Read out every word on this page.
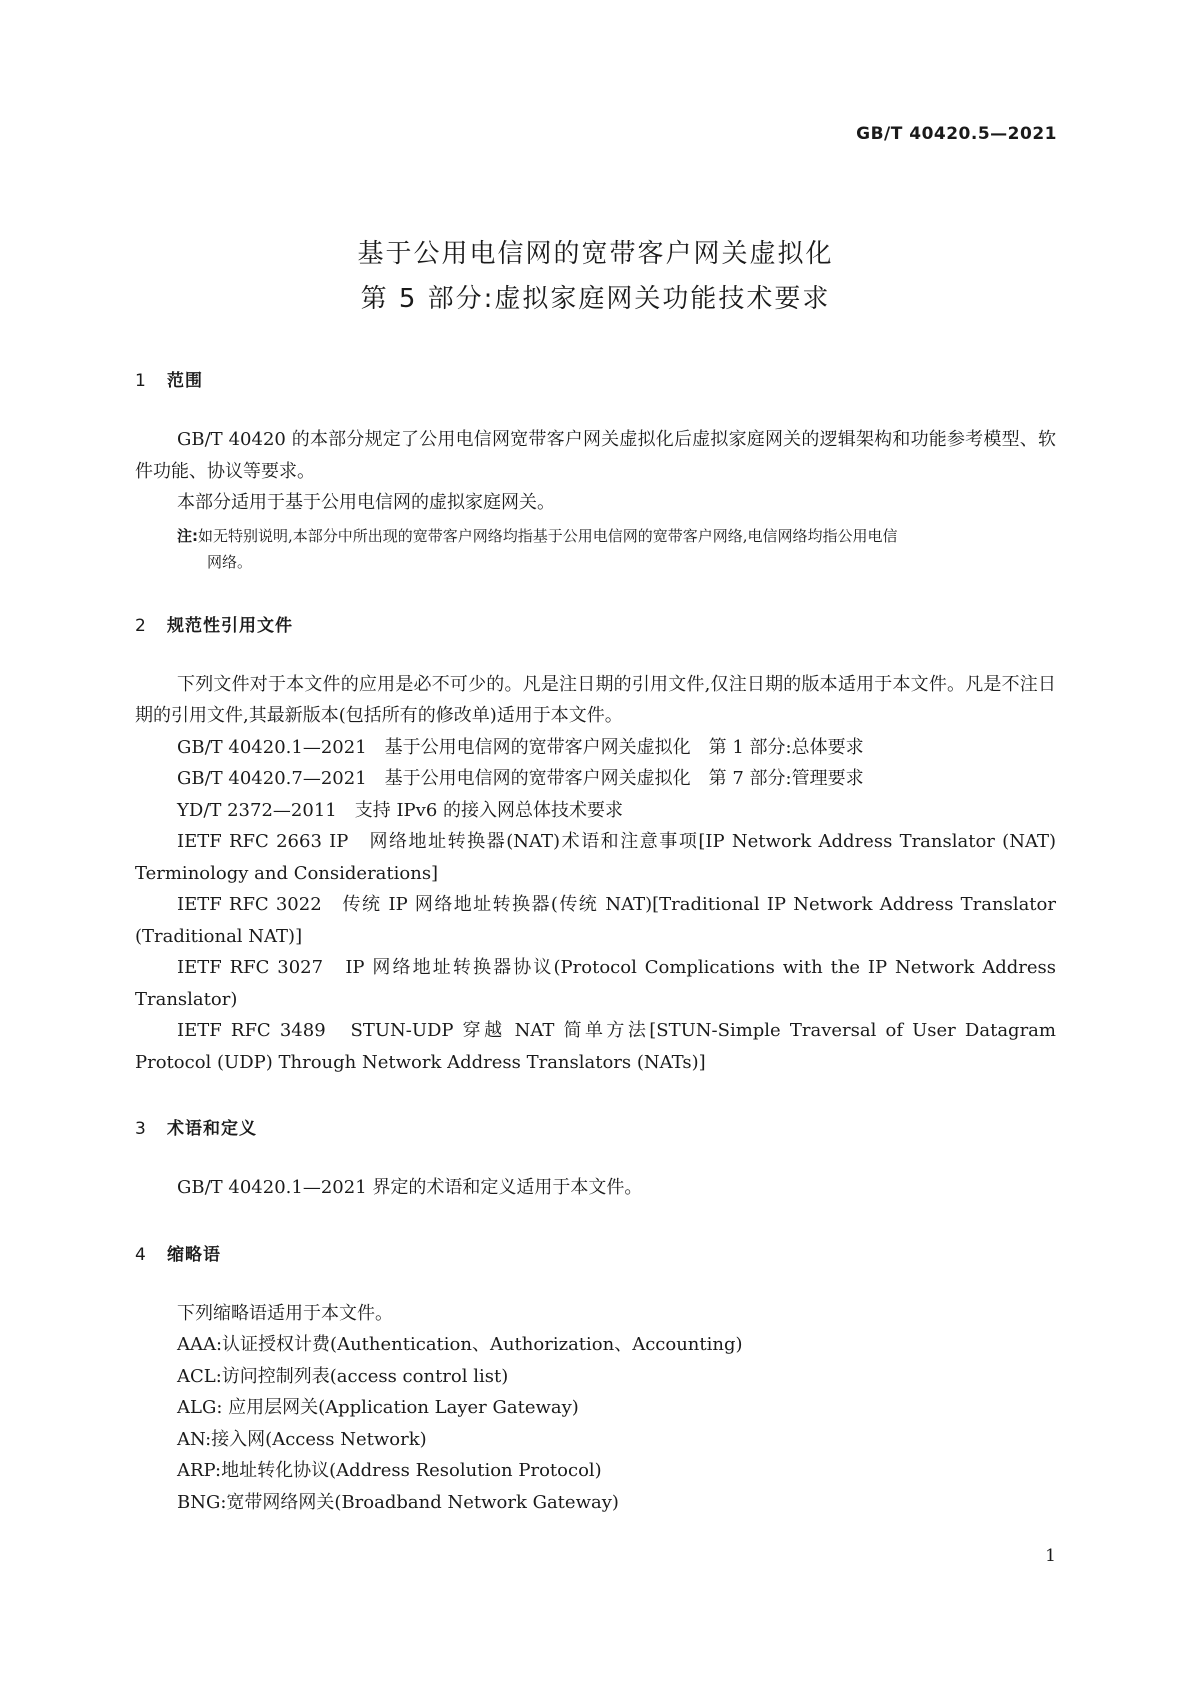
GB/T 40420.5—2021
基于公用电信网的宽带客户网关虚拟化
第 5 部分:虚拟家庭网关功能技术要求
1 范围

GB/T 40420 的本部分规定了公用电信网宽带客户网关虚拟化后虚拟家庭网关的逻辑架构和功能参考模型、软件功能、协议等要求。

本部分适用于基于公用电信网的虚拟家庭网关。

注:如无特别说明,本部分中所出现的宽带客户网络均指基于公用电信网的宽带客户网络,电信网络均指公用电信
网络。
2 规范性引用文件

下列文件对于本文件的应用是必不可少的。凡是注日期的引用文件,仅注日期的版本适用于本文件。凡是不注日期的引用文件,其最新版本(包括所有的修改单)适用于本文件。

GB/T 40420.1—2021　基于公用电信网的宽带客户网关虚拟化　第 1 部分:总体要求

GB/T 40420.7—2021　基于公用电信网的宽带客户网关虚拟化　第 7 部分:管理要求

YD/T 2372—2011　支持 IPv6 的接入网总体技术要求

IETF RFC 2663 IP　网络地址转换器(NAT)术语和注意事项[IP Network Address Translator (NAT) Terminology and Considerations]

IETF RFC 3022　传统 IP 网络地址转换器(传统 NAT)[Traditional IP Network Address Translator (Traditional NAT)]

IETF RFC 3027　IP 网络地址转换器协议(Protocol Complications with the IP Network Address Translator)

IETF RFC 3489　STUN-UDP 穿越 NAT 简单方法[STUN-Simple Traversal of User Datagram Protocol (UDP) Through Network Address Translators (NATs)]

3 术语和定义

GB/T 40420.1—2021 界定的术语和定义适用于本文件。

4 缩略语

下列缩略语适用于本文件。

AAA:认证授权计费(Authentication、Authorization、Accounting)

ACL:访问控制列表(access control list)

ALG: 应用层网关(Application Layer Gateway)

AN:接入网(Access Network)

ARP:地址转化协议(Address Resolution Protocol)

BNG:宽带网络网关(Broadband Network Gateway)

1
